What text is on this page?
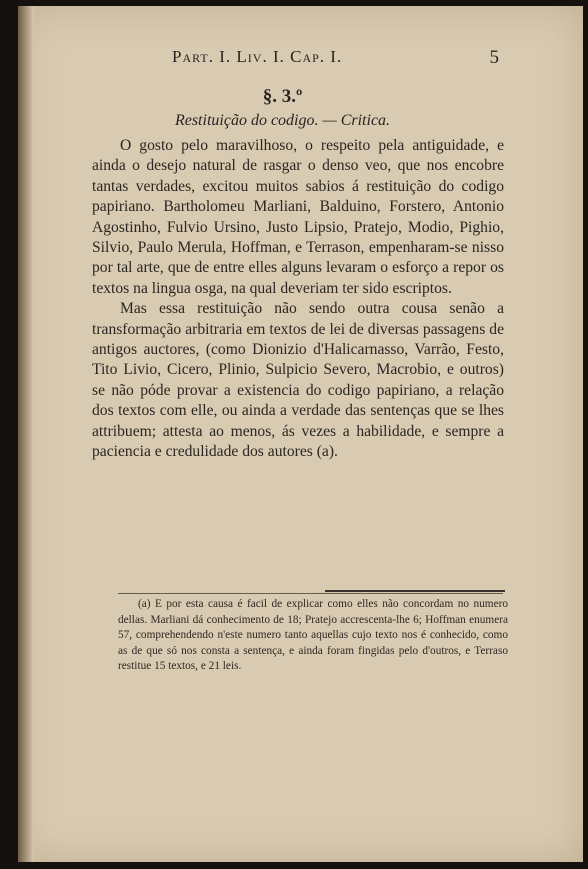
Part. I. Liv. I. Cap. I.	5
§. 3.º
Restituição do codigo. — Critica.

O gosto pelo maravilhoso, o respeito pela antiguidade, e ainda o desejo natural de rasgar o denso veo, que nos encobre tantas verdades, excitou muitos sabios á restituição do codigo papiriano. Bartholomeu Marliani, Balduino, Forstero, Antonio Agostinho, Fulvio Ursino, Justo Lipsio, Pratejo, Modio, Pighio, Silvio, Paulo Merula, Hoffman, e Terrason, empenharam-se nisso por tal arte, que de entre elles alguns levaram o esforço a repor os textos na lingua osga, na qual deveriam ter sido escriptos.

Mas essa restituição não sendo outra cousa senão a transformação arbitraria em textos de lei de diversas passagens de antigos auctores, (como Dionizio d'Halicarnasso, Varrão, Festo, Tito Livio, Cicero, Plinio, Sulpicio Severo, Macrobio, e outros) se não póde provar a existencia do codigo papiriano, a relação dos textos com elle, ou ainda a verdade das sentenças que se lhes attribuem; attesta ao menos, ás vezes a habilidade, e sempre a paciencia e credulidade dos autores (a).

(a) E por esta causa é facil de explicar como elles não concordam no numero dellas. Marliani dá conhecimento de 18; Pratejo accrescenta-lhe 6; Hoffman enumera 57, comprehendendo n'este numero tanto aquellas cujo texto nos é conhecido, como as de que só nos consta a sentença, e ainda foram fingidas pelo d'outros, e Terraso restitue 15 textos, e 21 leis.
